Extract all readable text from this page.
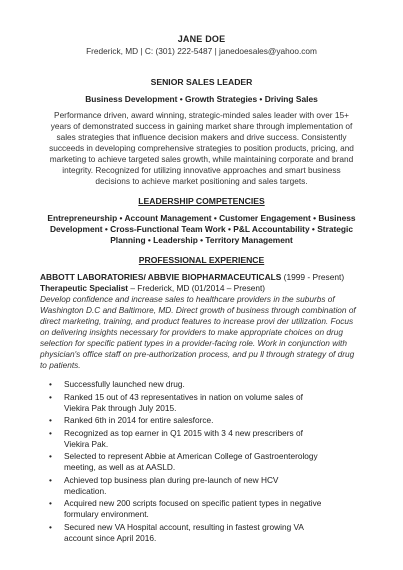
JANE DOE
Frederick, MD | C: (301) 222-5487 | janedoesales@yahoo.com
SENIOR SALES LEADER
Business Development • Growth Strategies • Driving Sales
Performance driven, award winning, strategic-minded sales leader with over 15+ years of demonstrated success in gaining market share through implementation of sales strategies that influence decision makers and drive success. Consistently succeeds in developing comprehensive strategies to position products, pricing, and marketing to achieve targeted sales growth, while maintaining corporate and brand integrity. Recognized for utilizing innovative approaches and smart business decisions to achieve market positioning and sales targets.
LEADERSHIP COMPETENCIES
Entrepreneurship • Account Management • Customer Engagement • Business Development • Cross-Functional Team Work • P&L Accountability • Strategic Planning • Leadership • Territory Management
PROFESSIONAL EXPERIENCE
ABBOTT LABORATORIES/ ABBVIE BIOPHARMACEUTICALS (1999 - Present)
Therapeutic Specialist – Frederick, MD (01/2014 – Present)
Develop confidence and increase sales to healthcare providers in the suburbs of Washington D.C and Baltimore, MD. Direct growth of business through combination of direct marketing, training, and product features to increase provi der utilization. Focus on delivering insights necessary for providers to make appropriate choices on drug selection for specific patient types in a provider-facing role. Work in conjunction with physician's office staff on pre-authorization process, and pu ll through strategy of drug to patients.
• Successfully launched new drug.
• Ranked 15 out of 43 representatives in nation on volume sales of Viekira Pak through July 2015.
• Ranked 6th in 2014 for entire salesforce.
• Recognized as top earner in Q1 2015 with 3 4 new prescribers of Viekira Pak.
• Selected to represent Abbie at American College of Gastroenterology meeting, as well as at AASLD.
• Achieved top business plan during pre-launch of new HCV medication.
• Acquired new 200 scripts focused on specific patient types in negative formulary environment.
• Secured new VA Hospital account, resulting in fastest growing VA account since April 2016.
